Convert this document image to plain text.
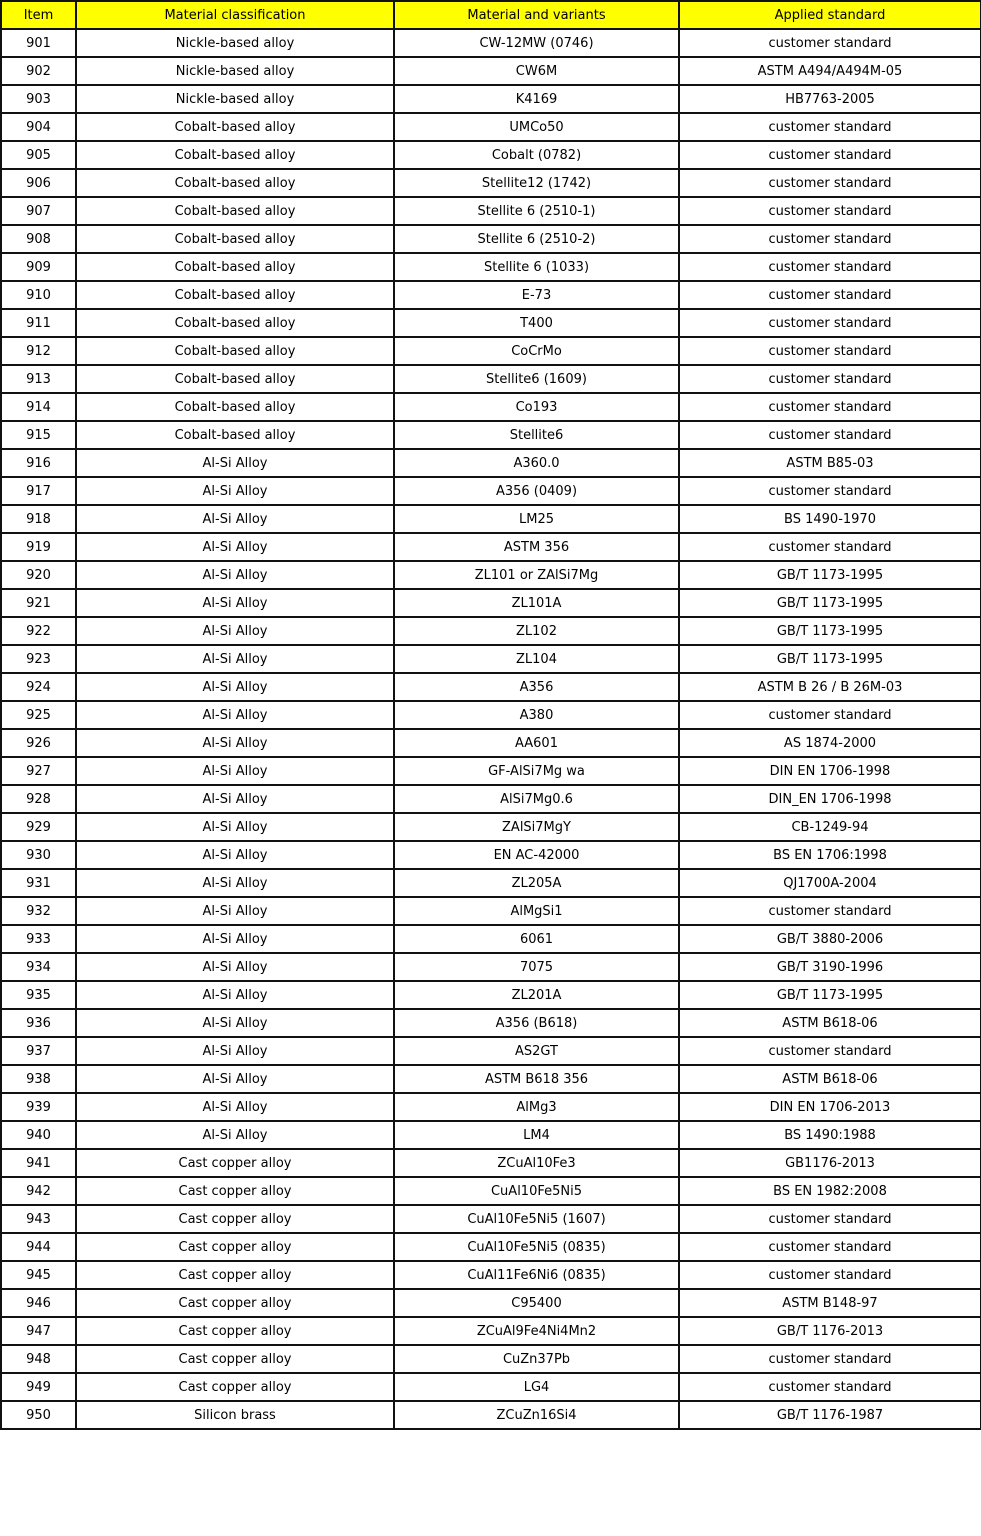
Item	Material classification	Material and variants	Applied standard
901	Nickle-based alloy	CW-12MW (0746)	customer standard
902	Nickle-based alloy	CW6M	ASTM A494/A494M-05
903	Nickle-based alloy	K4169	HB7763-2005
904	Cobalt-based alloy	UMCo50	customer standard
905	Cobalt-based alloy	Cobalt (0782)	customer standard
906	Cobalt-based alloy	Stellite12 (1742)	customer standard
907	Cobalt-based alloy	Stellite 6 (2510-1)	customer standard
908	Cobalt-based alloy	Stellite 6 (2510-2)	customer standard
909	Cobalt-based alloy	Stellite 6 (1033)	customer standard
910	Cobalt-based alloy	E-73	customer standard
911	Cobalt-based alloy	T400	customer standard
912	Cobalt-based alloy	CoCrMo	customer standard
913	Cobalt-based alloy	Stellite6 (1609)	customer standard
914	Cobalt-based alloy	Co193	customer standard
915	Cobalt-based alloy	Stellite6	customer standard
916	Al-Si Alloy	A360.0	ASTM B85-03
917	Al-Si Alloy	A356 (0409)	customer standard
918	Al-Si Alloy	LM25	BS 1490-1970
919	Al-Si Alloy	ASTM 356	customer standard
920	Al-Si Alloy	ZL101 or ZAlSi7Mg	GB/T 1173-1995
921	Al-Si Alloy	ZL101A	GB/T 1173-1995
922	Al-Si Alloy	ZL102	GB/T 1173-1995
923	Al-Si Alloy	ZL104	GB/T 1173-1995
924	Al-Si Alloy	A356	ASTM B 26 / B 26M-03
925	Al-Si Alloy	A380	customer standard
926	Al-Si Alloy	AA601	AS 1874-2000
927	Al-Si Alloy	GF-AlSi7Mg wa	DIN EN 1706-1998
928	Al-Si Alloy	AlSi7Mg0.6	DIN_EN 1706-1998
929	Al-Si Alloy	ZAlSi7MgY	CB-1249-94
930	Al-Si Alloy	EN AC-42000	BS EN 1706:1998
931	Al-Si Alloy	ZL205A	QJ1700A-2004
932	Al-Si Alloy	AlMgSi1	customer standard
933	Al-Si Alloy	6061	GB/T 3880-2006
934	Al-Si Alloy	7075	GB/T 3190-1996
935	Al-Si Alloy	ZL201A	GB/T 1173-1995
936	Al-Si Alloy	A356 (B618)	ASTM B618-06
937	Al-Si Alloy	AS2GT	customer standard
938	Al-Si Alloy	ASTM B618 356	ASTM B618-06
939	Al-Si Alloy	AlMg3	DIN EN 1706-2013
940	Al-Si Alloy	LM4	BS 1490:1988
941	Cast copper alloy	ZCuAl10Fe3	GB1176-2013
942	Cast copper alloy	CuAl10Fe5Ni5	BS EN 1982:2008
943	Cast copper alloy	CuAl10Fe5Ni5 (1607)	customer standard
944	Cast copper alloy	CuAl10Fe5Ni5 (0835)	customer standard
945	Cast copper alloy	CuAl11Fe6Ni6 (0835)	customer standard
946	Cast copper alloy	C95400	ASTM B148-97
947	Cast copper alloy	ZCuAl9Fe4Ni4Mn2	GB/T 1176-2013
948	Cast copper alloy	CuZn37Pb	customer standard
949	Cast copper alloy	LG4	customer standard
950	Silicon brass	ZCuZn16Si4	GB/T 1176-1987
